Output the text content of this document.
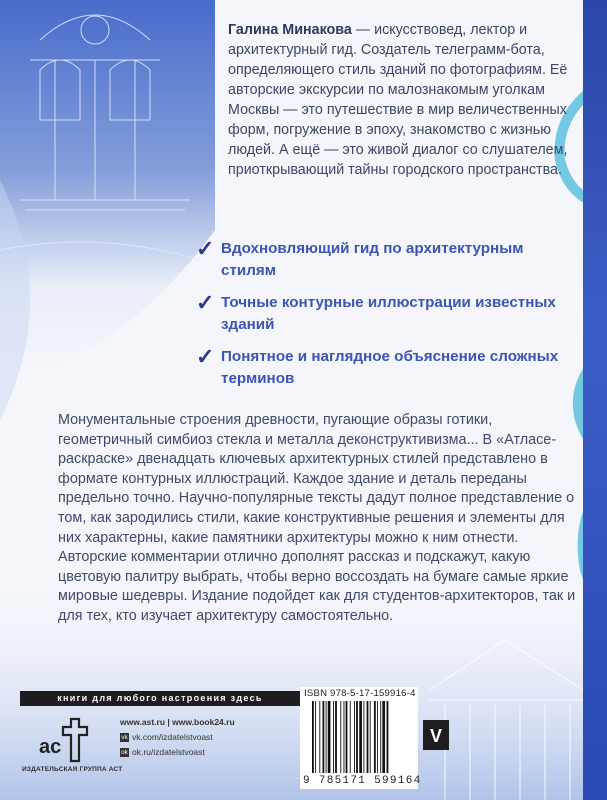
Галина Минакова — искусствовед, лектор и архитектурный гид. Создатель телеграмм-бота, определяющего стиль зданий по фотографиям. Её авторские экскурсии по малознакомым уголкам Москвы — это путешествие в мир величественных форм, погружение в эпоху, знакомство с жизнью людей. А ещё — это живой диалог со слушателем, приоткрывающий тайны городского пространства.
✓ Вдохновляющий гид по архитектурным стилям
✓ Точные контурные иллюстрации известных зданий
✓ Понятное и наглядное объяснение сложных терминов
Монументальные строения древности, пугающие образы готики, геометричный симбиоз стекла и металла деконструктивизма... В «Атласе-раскраске» двенадцать ключевых архитектурных стилей представлено в формате контурных иллюстраций. Каждое здание и деталь переданы предельно точно. Научно-популярные тексты дадут полное представление о том, как зародились стили, какие конструктивные решения и элементы для них характерны, какие памятники архитектуры можно к ним отнести. Авторские комментарии отлично дополнят рассказ и подскажут, какую цветовую палитру выбрать, чтобы верно воссоздать на бумаге самые яркие мировые шедевры. Издание подойдет как для студентов-архитекторов, так и для тех, кто изучает архитектуру самостоятельно.
книги для любого настроения здесь
ac
ИЗДАТЕЛЬСКАЯ ГРУППА АСТ
www.ast.ru | www.book24.ru
vk vk.com/izdatelstvoast
ok ok.ru/izdatelstvoast
ISBN 978-5-17-159916-4
9 785171 599164
V
